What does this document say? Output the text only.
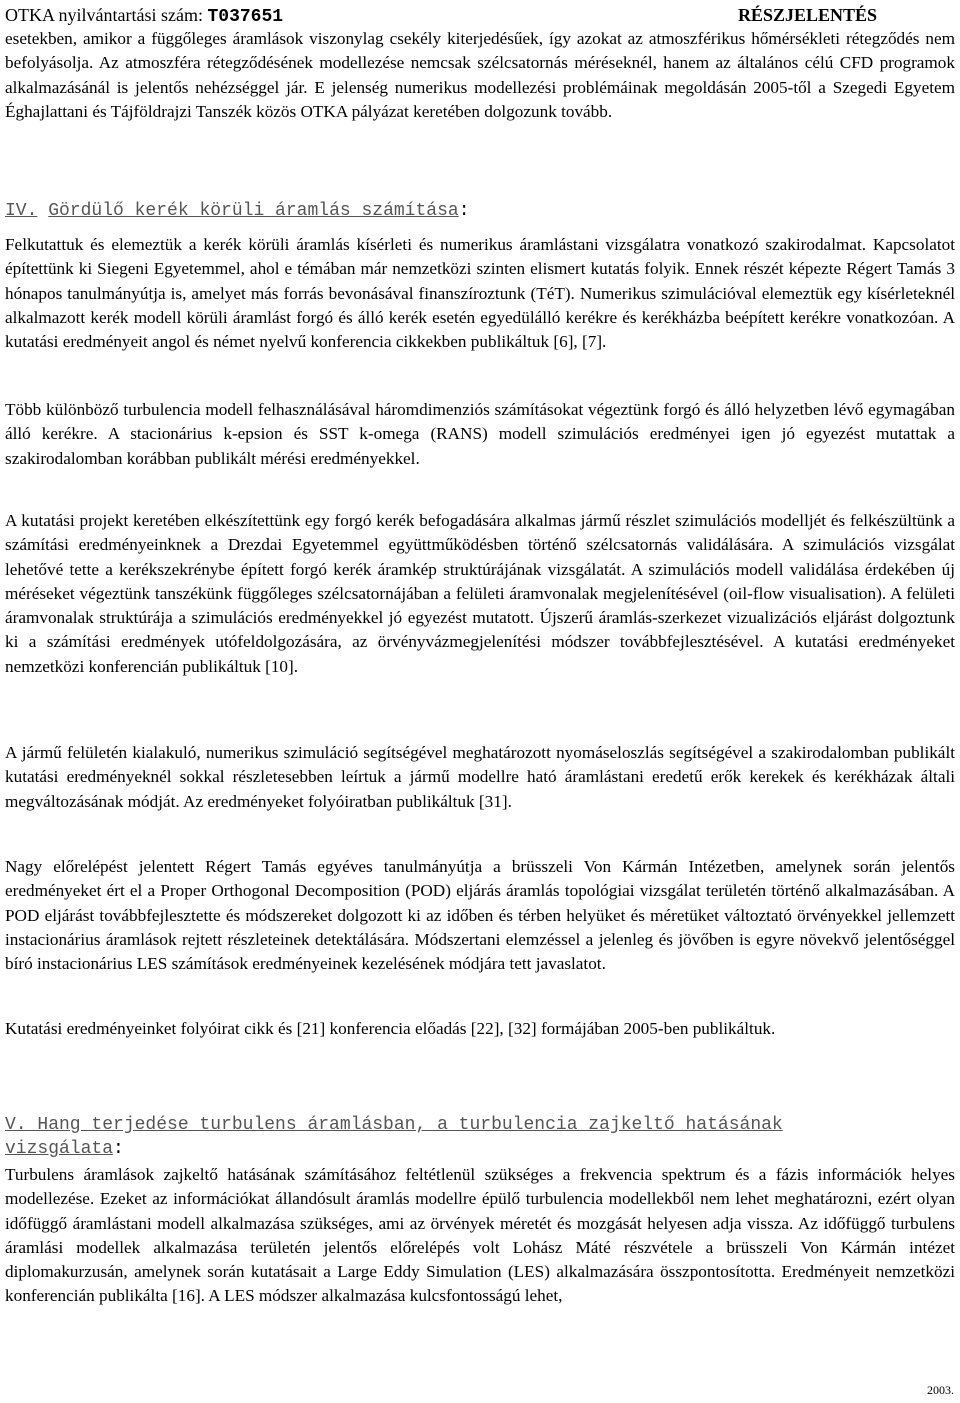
OTKA nyilvántartási szám: T037651	RÉSZJELENTÉS

esetekben, amikor a függőleges áramlások viszonylag csekély kiterjedésűek, így azokat az atmoszférikus hőmérsékleti rétegződés nem befolyásolja. Az atmoszféra rétegződésének modellezése nemcsak szélcsatornás méréseknél, hanem az általános célú CFD programok alkalmazásánál is jelentős nehézséggel jár. E jelenség numerikus modellezési problémáinak megoldásán 2005-től a Szegedi Egyetem Éghajlattani és Tájföldrajzi Tanszék közös OTKA pályázat keretében dolgozunk tovább.

IV. Gördülő kerék körüli áramlás számítása:

Felkutattuk és elemeztük a kerék körüli áramlás kísérleti és numerikus áramlástani vizsgálatra vonatkozó szakirodalmat. Kapcsolatot építettünk ki Siegeni Egyetemmel, ahol e témában már nemzetközi szinten elismert kutatás folyik. Ennek részét képezte Régert Tamás 3 hónapos tanulmányútja is, amelyet más forrás bevonásával finanszíroztunk (TéT). Numerikus szimulációval elemeztük egy kísérleteknél alkalmazott kerék modell körüli áramlást forgó és álló kerék esetén egyedülálló kerékre és kerékházba beépített kerékre vonatkozóan. A kutatási eredményeit angol és német nyelvű konferencia cikkekben publikáltuk [6], [7].

Több különböző turbulencia modell felhasználásával háromdimenziós számításokat végeztünk forgó és álló helyzetben lévő egymagában álló kerékre. A stacionárius k-epsion és SST k-omega (RANS) modell szimulációs eredményei igen jó egyezést mutattak a szakirodalomban korábban publikált mérési eredményekkel.

A kutatási projekt keretében elkészítettünk egy forgó kerék befogadására alkalmas jármű részlet szimulációs modelljét és felkészültünk a számítási eredményeinknek a Drezdai Egyetemmel együttműködésben történő szélcsatornás validálására. A szimulációs vizsgálat lehetővé tette a kerékszekrénybe épített forgó kerék áramkép struktúrájának vizsgálatát. A szimulációs modell validálása érdekében új méréseket végeztünk tanszékünk függőleges szélcsatornájában a felületi áramvonalak megjelenítésével (oil-flow visualisation). A felületi áramvonalak struktúrája a szimulációs eredményekkel jó egyezést mutatott. Újszerű áramlás-szerkezet vizualizációs eljárást dolgoztunk ki a számítási eredmények utófeldolgozására, az örvényvázmegjelenítési módszer továbbfejlesztésével. A kutatási eredményeket nemzetközi konferencián publikáltuk [10].

A jármű felületén kialakuló, numerikus szimuláció segítségével meghatározott nyomáseloszlás segítségével a szakirodalomban publikált kutatási eredményeknél sokkal részletesebben leírtuk a jármű modellre ható áramlástani eredetű erők kerekek és kerékházak általi megváltozásának módját. Az eredményeket folyóiratban publikáltuk [31].

Nagy előrelépést jelentett Régert Tamás egyéves tanulmányútja a brüsszeli Von Kármán Intézetben, amelynek során jelentős eredményeket ért el a Proper Orthogonal Decomposition (POD) eljárás áramlás topológiai vizsgálat területén történő alkalmazásában. A POD eljárást továbbfejlesztette és módszereket dolgozott ki az időben és térben helyüket és méretüket változtató örvényekkel jellemzett instacionárius áramlások rejtett részleteinek detektálására. Módszertani elemzéssel a jelenleg és jövőben is egyre növekvő jelentőséggel bíró instacionárius LES számítások eredményeinek kezelésének módjára tett javaslatot.

Kutatási eredményeinket folyóirat cikk és [21] konferencia előadás [22], [32] formájában 2005-ben publikáltuk.

V. Hang terjedése turbulens áramlásban, a turbulencia zajkeltő hatásának
vizsgálata:

Turbulens áramlások zajkeltő hatásának számításához feltétlenül szükséges a frekvencia spektrum és a fázis információk helyes modellezése. Ezeket az információkat állandósult áramlás modellre épülő turbulencia modellekből nem lehet meghatározni, ezért olyan időfüggő áramlástani modell alkalmazása szükséges, ami az örvények méretét és mozgását helyesen adja vissza. Az időfüggő turbulens áramlási modellek alkalmazása területén jelentős előrelépés volt Lohász Máté részvétele a brüsszeli Von Kármán intézet diplomakurzusán, amelynek során kutatásait a Large Eddy Simulation (LES) alkalmazására összpontosította. Eredményeit nemzetközi konferencián publikálta [16]. A LES módszer alkalmazása kulcsfontosságú lehet,

2003.
